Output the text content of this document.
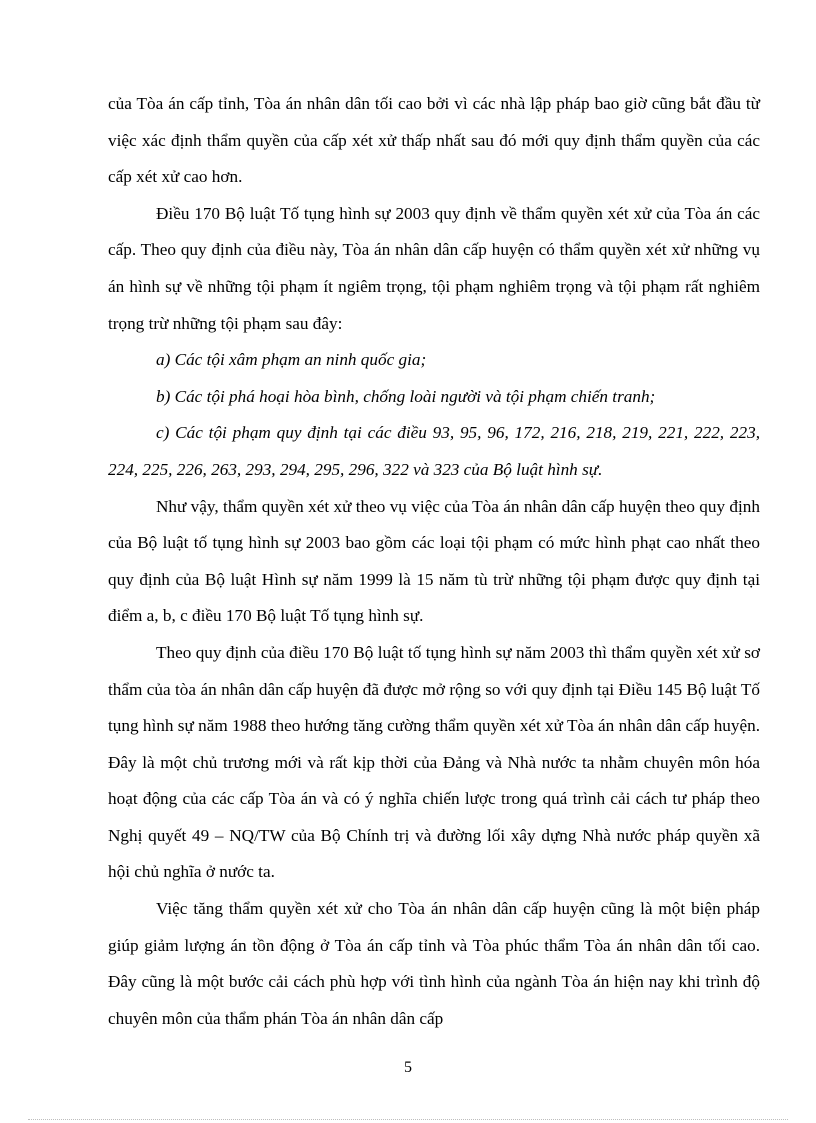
của Tòa án cấp tỉnh, Tòa án nhân dân tối cao bởi vì các nhà lập pháp bao giờ cũng bắt đầu từ việc xác định thẩm quyền của cấp xét xử thấp nhất sau đó mới quy định thẩm quyền của các cấp xét xử cao hơn.

Điều 170 Bộ luật Tố tụng hình sự 2003 quy định về thẩm quyền xét xử của Tòa án các cấp. Theo quy định của điều này, Tòa án nhân dân cấp huyện có thẩm quyền xét xử những vụ án hình sự về những tội phạm ít ngiêm trọng, tội phạm nghiêm trọng và tội phạm rất nghiêm trọng trừ những tội phạm sau đây:

a) Các tội xâm phạm an ninh quốc gia;

b) Các tội phá hoại hòa bình, chống loài người và tội phạm chiến tranh;

c) Các tội phạm quy định tại các điều 93, 95, 96, 172, 216, 218, 219, 221, 222, 223, 224, 225, 226, 263, 293, 294, 295, 296, 322 và 323 của Bộ luật hình sự.

Như vậy, thẩm quyền xét xử theo vụ việc của Tòa án nhân dân cấp huyện theo quy định của Bộ luật tố tụng hình sự 2003 bao gồm các loại tội phạm có mức hình phạt cao nhất theo quy định của Bộ luật Hình sự năm 1999 là 15 năm tù trừ những tội phạm được quy định tại điểm a, b, c điều 170 Bộ luật Tố tụng hình sự.

Theo quy định của điều 170 Bộ luật tố tụng hình sự năm 2003 thì thẩm quyền xét xử sơ thẩm của tòa án nhân dân cấp huyện đã được mở rộng so với quy định tại Điều 145 Bộ luật Tố tụng hình sự năm 1988 theo hướng tăng cường thẩm quyền xét xử Tòa án nhân dân cấp huyện. Đây là một chủ trương mới và rất kịp thời của Đảng và Nhà nước ta nhằm chuyên môn hóa hoạt động của các cấp Tòa án và có ý nghĩa chiến lược trong quá trình cải cách tư pháp theo Nghị quyết 49 – NQ/TW của Bộ Chính trị và đường lối xây dựng Nhà nước pháp quyền xã hội chủ nghĩa ở nước ta.

Việc tăng thẩm quyền xét xử cho Tòa án nhân dân cấp huyện cũng là một biện pháp giúp giảm lượng án tồn động ở Tòa án cấp tỉnh và Tòa phúc thẩm Tòa án nhân dân tối cao. Đây cũng là một bước cải cách phù hợp với tình hình của ngành Tòa án hiện nay khi trình độ chuyên môn của thẩm phán Tòa án nhân dân cấp

5
